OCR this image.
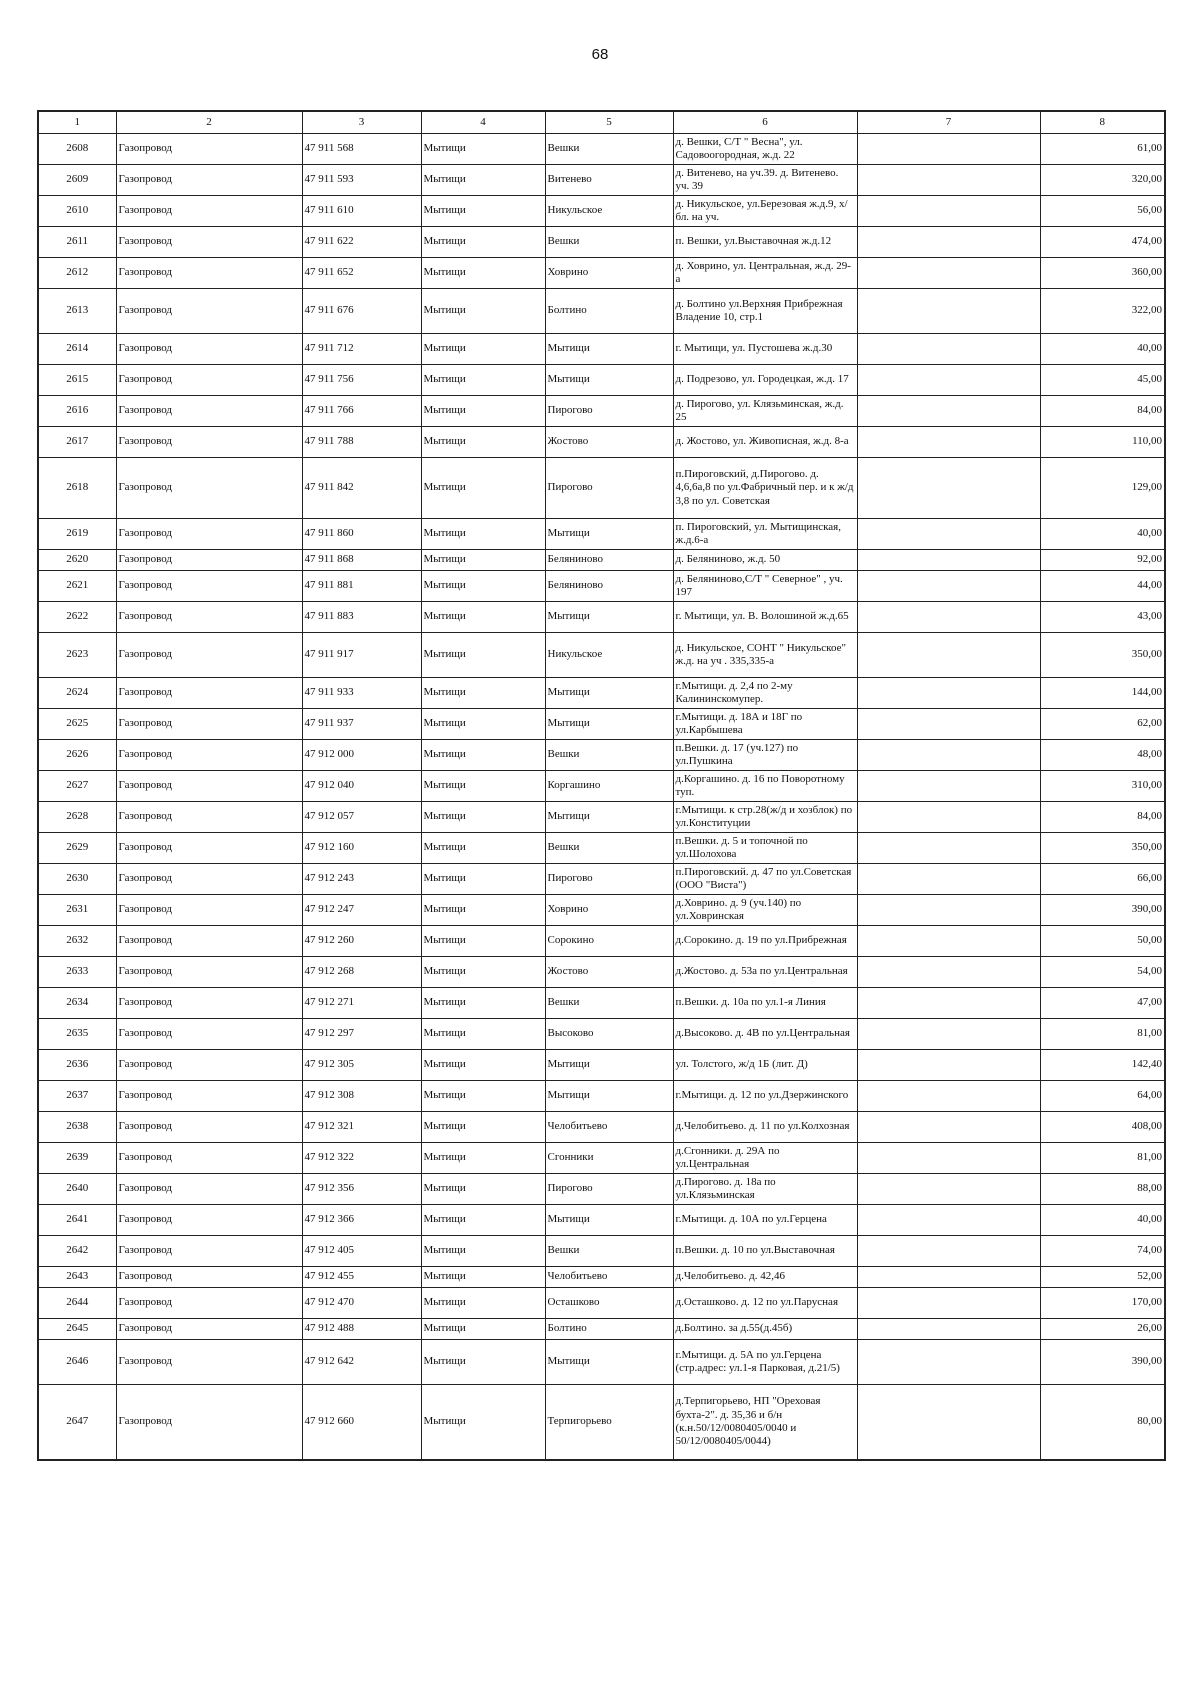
68
1	2	3	4	5	6	7	8
2608	Газопровод	47 911 568	Мытищи	Вешки	д. Вешки, С/Т " Весна", ул. Садовоогородная, ж.д. 22		61,00
2609	Газопровод	47 911 593	Мытищи	Витенево	д. Витенево, на уч.39. д. Витенево. уч. 39		320,00
2610	Газопровод	47 911 610	Мытищи	Никульское	д. Никульское, ул.Березовая ж.д.9, х/бл. на уч.		56,00
2611	Газопровод	47 911 622	Мытищи	Вешки	п. Вешки, ул.Выставочная ж.д.12		474,00
2612	Газопровод	47 911 652	Мытищи	Ховрино	д. Ховрино, ул. Центральная, ж.д. 29-а		360,00
2613	Газопровод	47 911 676	Мытищи	Болтино	д. Болтино ул.Верхняя Прибрежная Владение 10, стр.1		322,00
2614	Газопровод	47 911 712	Мытищи	Мытищи	г. Мытищи, ул. Пустошева ж.д.30		40,00
2615	Газопровод	47 911 756	Мытищи	Мытищи	д. Подрезово, ул. Городецкая, ж.д. 17		45,00
2616	Газопровод	47 911 766	Мытищи	Пирогово	д. Пирогово, ул. Клязьминская, ж.д. 25		84,00
2617	Газопровод	47 911 788	Мытищи	Жостово	д. Жостово, ул. Живописная, ж.д. 8-а		110,00
2618	Газопровод	47 911 842	Мытищи	Пирогово	п.Пироговский, д.Пирогово. д. 4,6,6а,8 по ул.Фабричный пер. и к ж/д 3,8 по ул. Советская		129,00
2619	Газопровод	47 911 860	Мытищи	Мытищи	п. Пироговский, ул. Мытищинская, ж.д.6-а		40,00
2620	Газопровод	47 911 868	Мытищи	Беляниново	д. Беляниново, ж.д. 50		92,00
2621	Газопровод	47 911 881	Мытищи	Беляниново	д. Беляниново,С/Т " Северное" , уч. 197		44,00
2622	Газопровод	47 911 883	Мытищи	Мытищи	г. Мытищи, ул. В. Волошиной ж.д.65		43,00
2623	Газопровод	47 911 917	Мытищи	Никульское	д. Никульское, СОНТ " Никульское" ж.д. на уч . 335,335-а		350,00
2624	Газопровод	47 911 933	Мытищи	Мытищи	г.Мытищи. д. 2,4 по 2-му Калининскомупер.		144,00
2625	Газопровод	47 911 937	Мытищи	Мытищи	г.Мытищи. д. 18А и 18Г по ул.Карбышева		62,00
2626	Газопровод	47 912 000	Мытищи	Вешки	п.Вешки. д. 17 (уч.127) по ул.Пушкина		48,00
2627	Газопровод	47 912 040	Мытищи	Коргашино	д.Коргашино. д. 16 по Поворотному туп.		310,00
2628	Газопровод	47 912 057	Мытищи	Мытищи	г.Мытищи. к стр.28(ж/д и хозблок) по ул.Конституции		84,00
2629	Газопровод	47 912 160	Мытищи	Вешки	п.Вешки. д. 5 и топочной по ул.Шолохова		350,00
2630	Газопровод	47 912 243	Мытищи	Пирогово	п.Пироговский. д. 47 по ул.Советская (ООО "Виста")		66,00
2631	Газопровод	47 912 247	Мытищи	Ховрино	д.Ховрино. д. 9 (уч.140) по ул.Ховринская		390,00
2632	Газопровод	47 912 260	Мытищи	Сорокино	д.Сорокино. д. 19 по ул.Прибрежная		50,00
2633	Газопровод	47 912 268	Мытищи	Жостово	д.Жостово. д. 53а по ул.Центральная		54,00
2634	Газопровод	47 912 271	Мытищи	Вешки	п.Вешки. д. 10а по ул.1-я Линия		47,00
2635	Газопровод	47 912 297	Мытищи	Высоково	д.Высоково. д. 4В по ул.Центральная		81,00
2636	Газопровод	47 912 305	Мытищи	Мытищи	ул. Толстого, ж/д 1Б (лит. Д)		142,40
2637	Газопровод	47 912 308	Мытищи	Мытищи	г.Мытищи. д. 12 по ул.Дзержинского		64,00
2638	Газопровод	47 912 321	Мытищи	Челобитьево	д.Челобитьево. д. 11 по ул.Колхозная		408,00
2639	Газопровод	47 912 322	Мытищи	Сгонники	д.Сгонники. д. 29А по ул.Центральная		81,00
2640	Газопровод	47 912 356	Мытищи	Пирогово	д.Пирогово. д. 18а по ул.Клязьминская		88,00
2641	Газопровод	47 912 366	Мытищи	Мытищи	г.Мытищи. д. 10А по ул.Герцена		40,00
2642	Газопровод	47 912 405	Мытищи	Вешки	п.Вешки. д. 10 по ул.Выставочная		74,00
2643	Газопровод	47 912 455	Мытищи	Челобитьево	д.Челобитьево. д. 42,46		52,00
2644	Газопровод	47 912 470	Мытищи	Осташково	д.Осташково. д. 12 по ул.Парусная		170,00
2645	Газопровод	47 912 488	Мытищи	Болтино	д.Болтино. за д.55(д.45б)		26,00
2646	Газопровод	47 912 642	Мытищи	Мытищи	г.Мытищи. д. 5А по ул.Герцена (стр.адрес: ул.1-я Парковая, д.21/5)		390,00
2647	Газопровод	47 912 660	Мытищи	Терпигорьево	д.Терпигорьево, НП "Ореховая бухта-2". д. 35,36 и б/н (к.н.50/12/0080405/0040 и 50/12/0080405/0044)		80,00
